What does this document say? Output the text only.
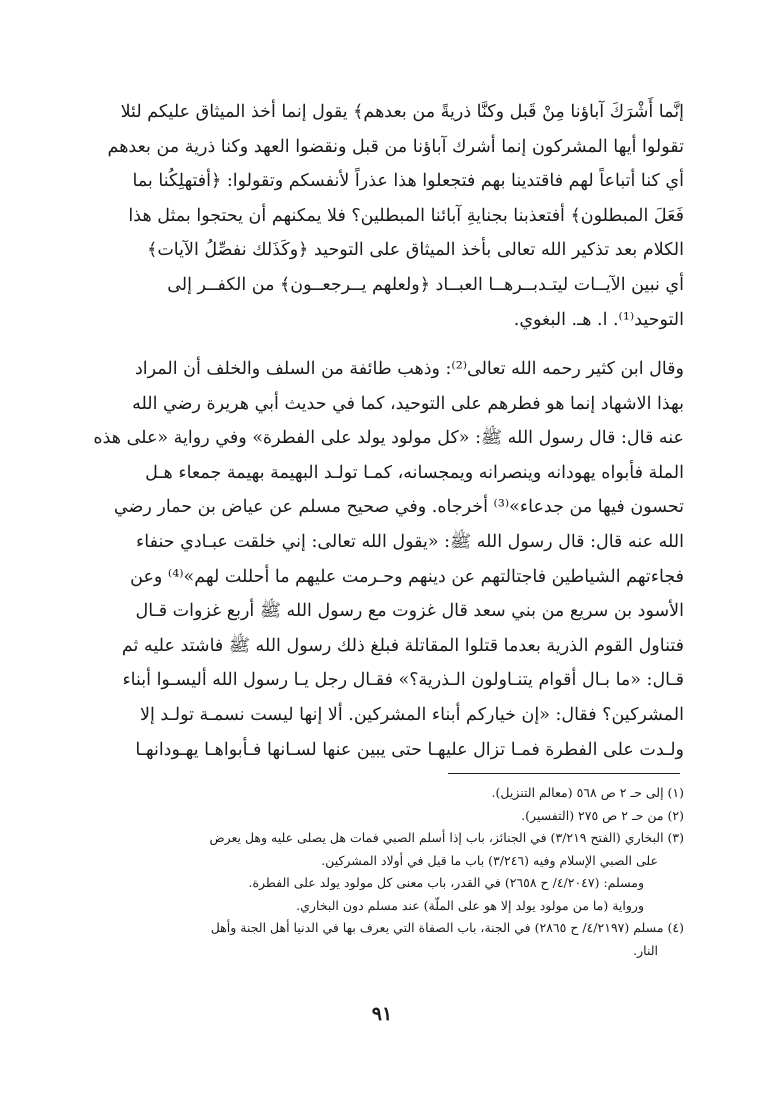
إنَّما أَشْرَكَ آباؤنا مِنْ قَبل وكنَّا ذريةً من بعدهم﴾ يقول إنما أخذ الميثاق عليكم لئلا
تقولوا أيها المشركون إنما أشرك آباؤنا من قبل ونقضوا العهد وكنا ذرية من بعدهم
أي كنا أتباعاً لهم فاقتدينا بهم فتجعلوا هذا عذراً لأنفسكم وتقولوا: ﴿أفتهلِكُنا بما
فَعَلَ المبطلون﴾ أفتعذبنا بجنايةِ آبائنا المبطلين؟ فلا يمكنهم أن يحتجوا بمثل هذا
الكلام بعد تذكير الله تعالى بأخذ الميثاق على التوحيد ﴿وكَذَلك نفصِّلُ الآيات﴾
أي نبين الآيــات ليتـدبــرهــا العبــاد ﴿ولعلهم يــرجعــون﴾ من الكفــر إلى
التوحيد⁽¹⁾. ا. هـ. البغوي.
وقال ابن كثير رحمه الله تعالى⁽²⁾: وذهب طائفة من السلف والخلف أن المراد
بهذا الاشهاد إنما هو فطرهم على التوحيد، كما في حديث أبي هريرة رضي الله
عنه قال: قال رسول الله ﷺ: «كل مولود يولد على الفطرة» وفي رواية «على هذه
الملة فأبواه يهودانه وينصرانه ويمجسانه، كمـا تولـد البهيمة بهيمة جمعاء هـل
تحسون فيها من جدعاء»⁽³⁾ أخرجاه. وفي صحيح مسلم عن عياض بن حمار رضي
الله عنه قال: قال رسول الله ﷺ: «يقول الله تعالى: إني خلقت عبـادي حنفاء
فجاءتهم الشياطين فاجتالتهم عن دينهم وحـرمت عليهم ما أحللت لهم»⁽⁴⁾ وعن
الأسود بن سريع من بني سعد قال غزوت مع رسول الله ﷺ أربع غزوات قـال
فتناول القوم الذرية بعدما قتلوا المقاتلة فبلغ ذلك رسول الله ﷺ فاشتد عليه ثم
قـال: «ما بـال أقوام يتنـاولون الـذرية؟» فقـال رجل يـا رسول الله أليسـوا أبناء
المشركين؟ فقال: «إن خياركم أبناء المشركين. ألا إنها ليست نسمـة تولـد إلا
ولـدت على الفطرة فمـا تزال عليهـا حتى يبين عنها لسـانها فـأبواهـا يهـودانهـا
(١) إلى حـ ٢ ص ٥٦٨ (معالم التنزيل).
(٢) من حـ ٢ ص ٢٧٥ (التفسير).
(٣) البخاري (الفتح ٣/٢١٩) في الجنائز، باب إذا أسلم الصبي فمات هل يصلى عليه وهل يعرض
على الصبي الإسلام وفيه (٣/٢٤٦) باب ما قيل في أولاد المشركين.
ومسلم: (٤/٢٠٤٧/ ح ٢٦٥٨) في القدر، باب معنى كل مولود يولد على الفطرة.
ورواية (ما من مولود يولد إلا هو على الملّة) عند مسلم دون البخاري.
(٤) مسلم (٤/٢١٩٧/ ح ٢٨٦٥) في الجنة، باب الصفاة التي يعرف بها في الدنيا أهل الجنة وأهل
النار.
٩١
